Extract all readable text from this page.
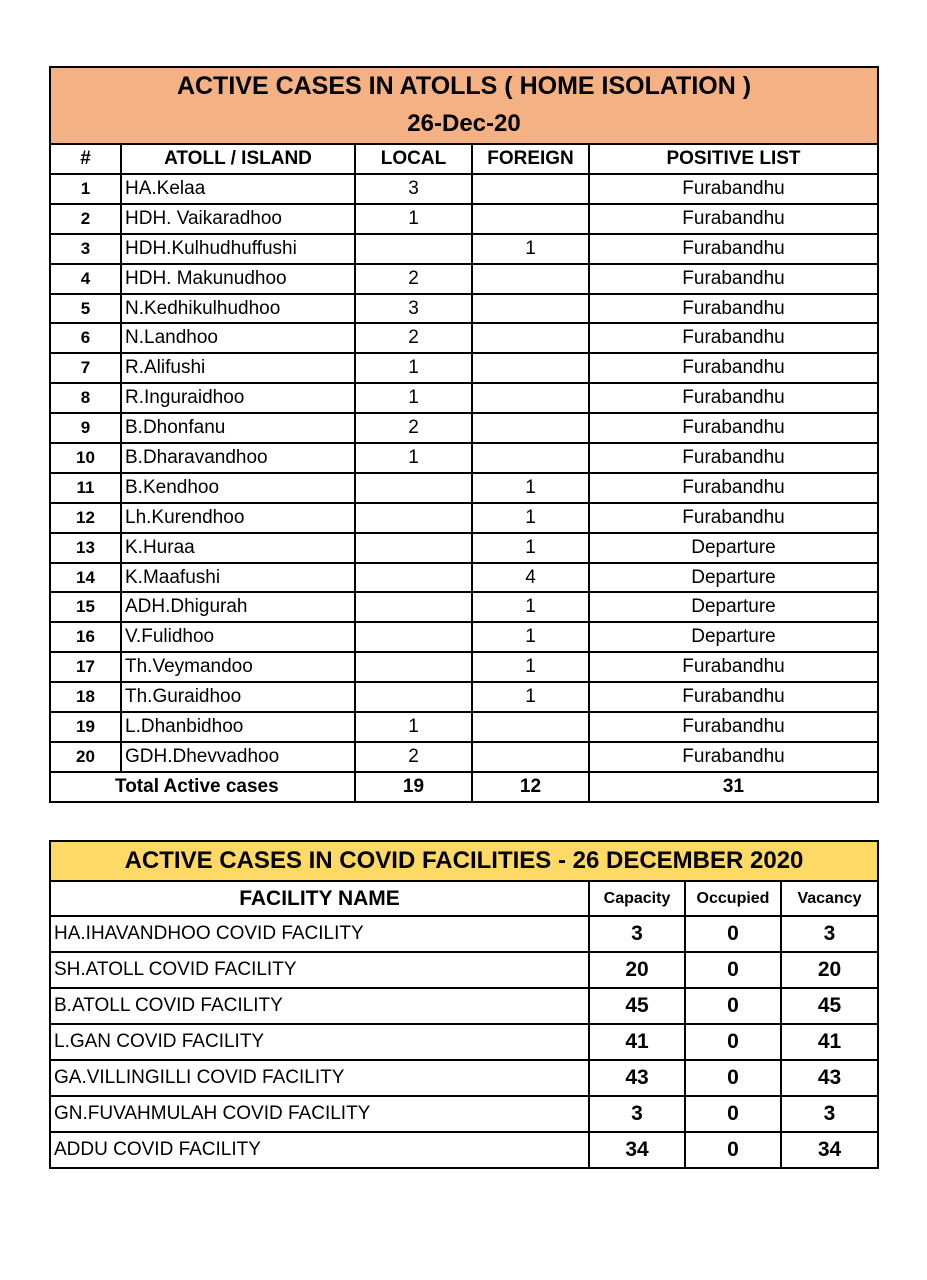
ACTIVE CASES IN ATOLLS ( HOME ISOLATION )				
26-Dec-20				
#	ATOLL / ISLAND	LOCAL	FOREIGN	POSITIVE LIST
1	HA.Kelaa	3		Furabandhu
2	HDH. Vaikaradhoo	1		Furabandhu
3	HDH.Kulhudhuffushi		1	Furabandhu
4	HDH. Makunudhoo	2		Furabandhu
5	N.Kedhikulhudhoo	3		Furabandhu
6	N.Landhoo	2		Furabandhu
7	R.Alifushi	1		Furabandhu
8	R.Inguraidhoo	1		Furabandhu
9	B.Dhonfanu	2		Furabandhu
10	B.Dharavandhoo	1		Furabandhu
11	B.Kendhoo		1	Furabandhu
12	Lh.Kurendhoo		1	Furabandhu
13	K.Huraa		1	Departure
14	K.Maafushi		4	Departure
15	ADH.Dhigurah		1	Departure
16	V.Fulidhoo		1	Departure
17	Th.Veymandoo		1	Furabandhu
18	Th.Guraidhoo		1	Furabandhu
19	L.Dhanbidhoo	1		Furabandhu
20	GDH.Dhevvadhoo	2		Furabandhu
Total Active cases		19	12	31
ACTIVE CASES IN COVID FACILITIES - 26 DECEMBER 2020			
FACILITY NAME	Capacity	Occupied	Vacancy
HA.IHAVANDHOO COVID FACILITY	3	0	3
SH.ATOLL COVID FACILITY	20	0	20
B.ATOLL COVID FACILITY	45	0	45
L.GAN COVID FACILITY	41	0	41
GA.VILLINGILLI COVID FACILITY	43	0	43
GN.FUVAHMULAH COVID FACILITY	3	0	3
ADDU COVID FACILITY	34	0	34
